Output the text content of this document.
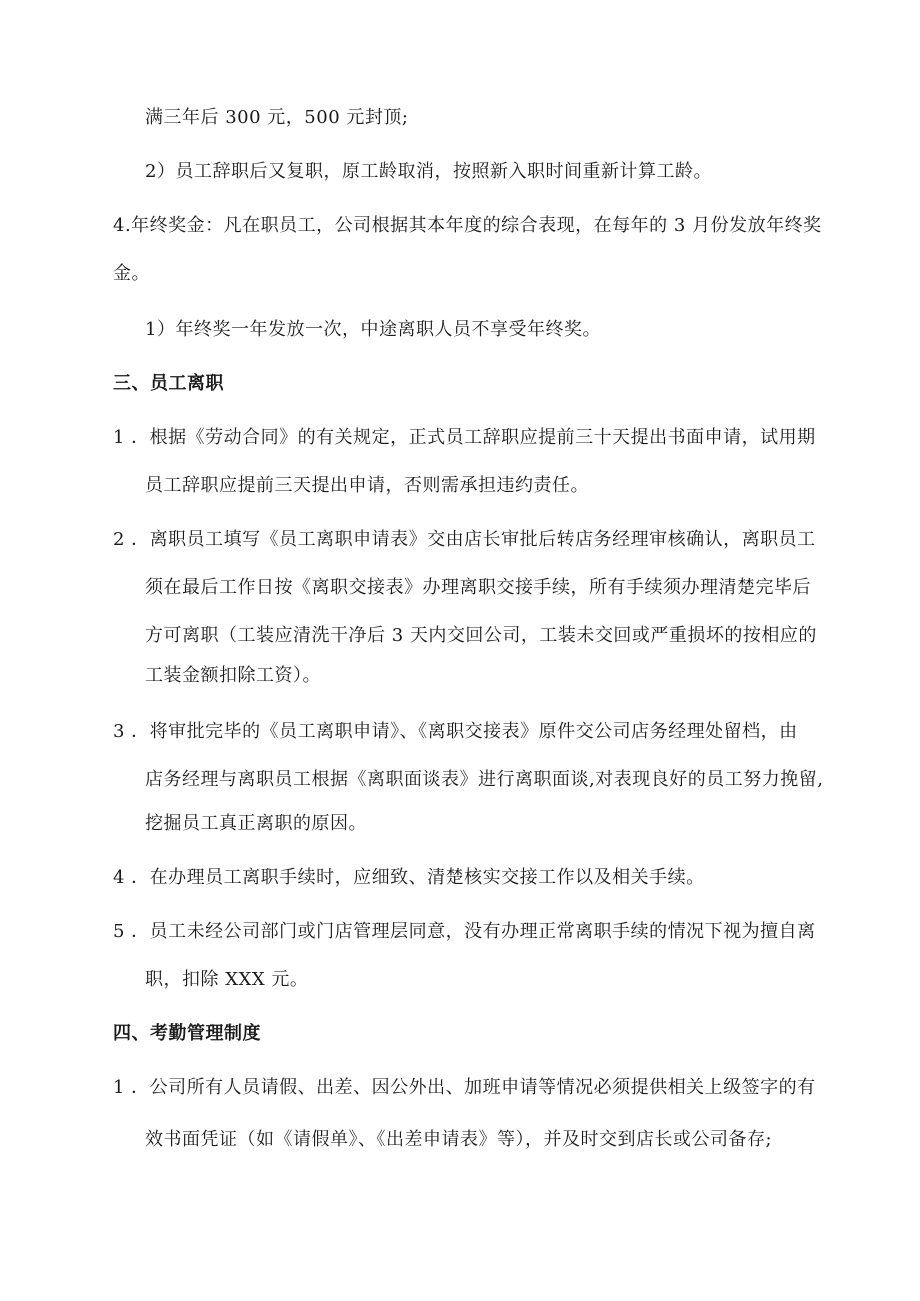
满三年后 300 元，500 元封顶;
2）员工辞职后又复职，原工龄取消，按照新入职时间重新计算工龄。
4.年终奖金：凡在职员工，公司根据其本年度的综合表现，在每年的 3 月份发放年终奖
金。
1）年终奖一年发放一次，中途离职人员不享受年终奖。
三、员工离职
1 ．根据《劳动合同》的有关规定，正式员工辞职应提前三十天提出书面申请，试用期
员工辞职应提前三天提出申请，否则需承担违约责任。
2 ．离职员工填写《员工离职申请表》交由店长审批后转店务经理审核确认，离职员工
须在最后工作日按《离职交接表》办理离职交接手续，所有手续须办理清楚完毕后
方可离职（工装应清洗干净后 3 天内交回公司，工装未交回或严重损坏的按相应的
工装金额扣除工资）。
3 ．将审批完毕的《员工离职申请》、《离职交接表》原件交公司店务经理处留档，由
店务经理与离职员工根据《离职面谈表》进行离职面谈,对表现良好的员工努力挽留,
挖掘员工真正离职的原因。
4 ．在办理员工离职手续时，应细致、清楚核实交接工作以及相关手续。
5 ．员工未经公司部门或门店管理层同意，没有办理正常离职手续的情况下视为擅自离
职，扣除 XXX 元。
四、考勤管理制度
1 ．公司所有人员请假、出差、因公外出、加班申请等情况必须提供相关上级签字的有
效书面凭证（如《请假单》、《出差申请表》等），并及时交到店长或公司备存;
